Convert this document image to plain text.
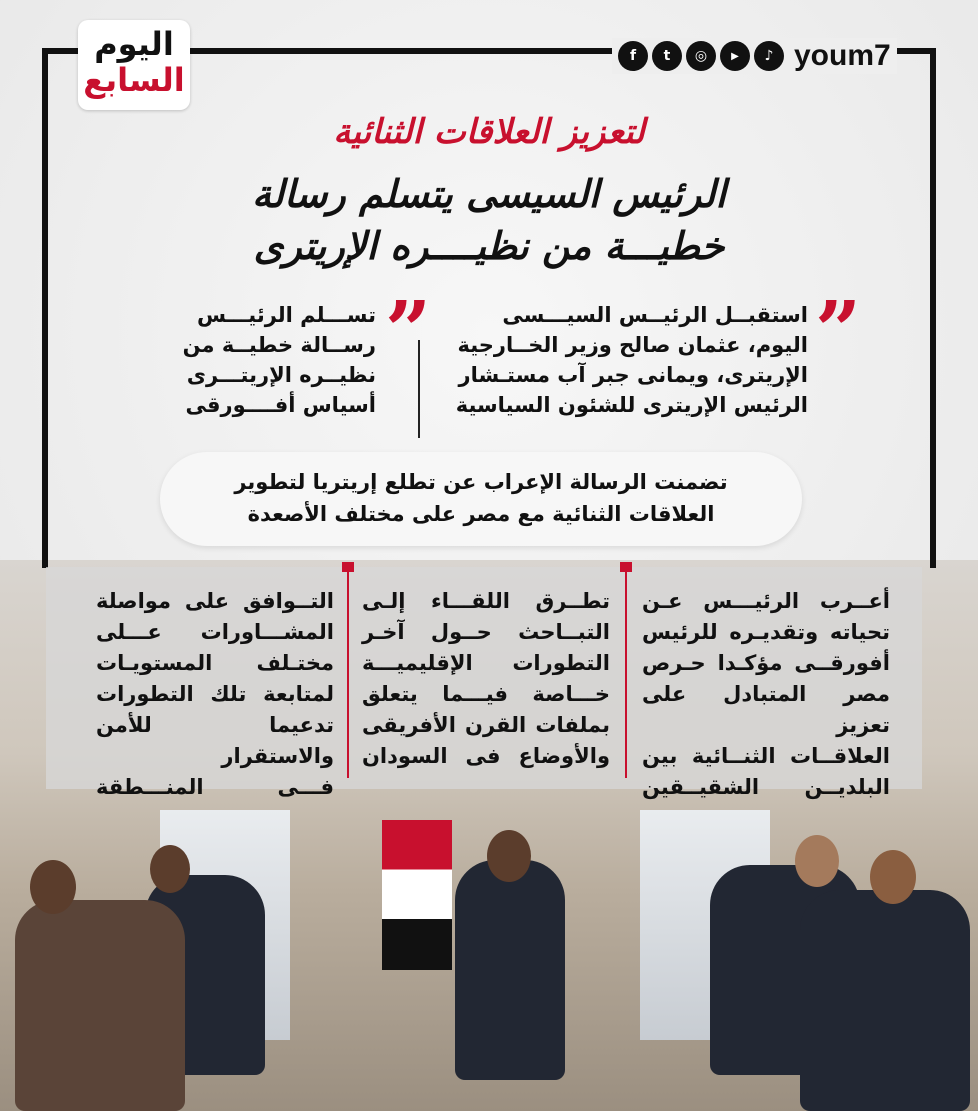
اليوم
السابع
f	t	◎	▶	♪ youm7
لتعزيز العلاقات الثنائية
الرئيس السيسى يتسلم رسالة
خطيـــة من نظيــــره الإريترى
”
استقبــل الرئيــس السيـــسى
اليوم، عثمان صالح وزير الخــارجية
الإريترى، ويمانى جبر آب مستـشار
الرئيس الإريترى للشئون السياسية
”
تســـلم الرئيـــس
رســالة خطيــة من
نظيــره الإريتـــرى
أسياس أفــــورقى
تضمنت الرسالة الإعراب عن تطلع إريتريا لتطوير
العلاقات الثنائية مع مصر على مختلف الأصعدة
أعــرب الرئيـــس عـن
تحياته وتقديـره للرئيس
أفورقــى مؤكـدا حـرص
مصر المتبادل على تعزيز
العلاقــات الثنــائية بين
البلديــن الشقيــقين
تطــرق اللقـــاء إلـى
التبــاحث حــول آخـر
التطورات الإقليميـــة
خـــاصة فيـــما يتعلق
بملفات القرن الأفريقى
والأوضاع فى السودان
التــوافق على مواصلة
المشـــاورات عـــلى
مختـلف المستويـات
لمتابعة تلك التطورات
تدعيما للأمن والاستقرار
فـــى المنـــطقة
